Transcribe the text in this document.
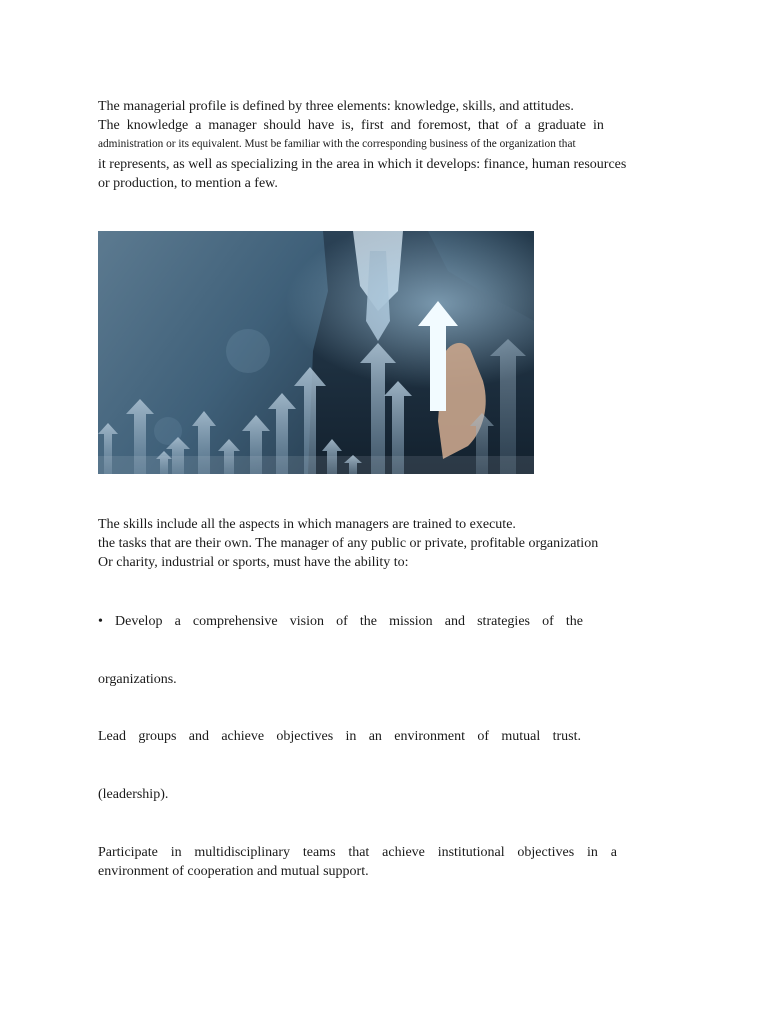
The managerial profile is defined by three elements: knowledge, skills, and attitudes.
The knowledge a manager should have is, first and foremost, that of a graduate in
administration or its equivalent. Must be familiar with the corresponding business of the organization that
it represents, as well as specializing in the area in which it develops: finance, human resources
or production, to mention a few.
The skills include all the aspects in which managers are trained to execute.
the tasks that are their own. The manager of any public or private, profitable organization
Or charity, industrial or sports, must have the ability to:
• Develop a comprehensive vision of the mission and strategies of the
organizations.
Lead groups and achieve objectives in an environment of mutual trust.
(leadership).
Participate in multidisciplinary teams that achieve institutional objectives in a
environment of cooperation and mutual support.
